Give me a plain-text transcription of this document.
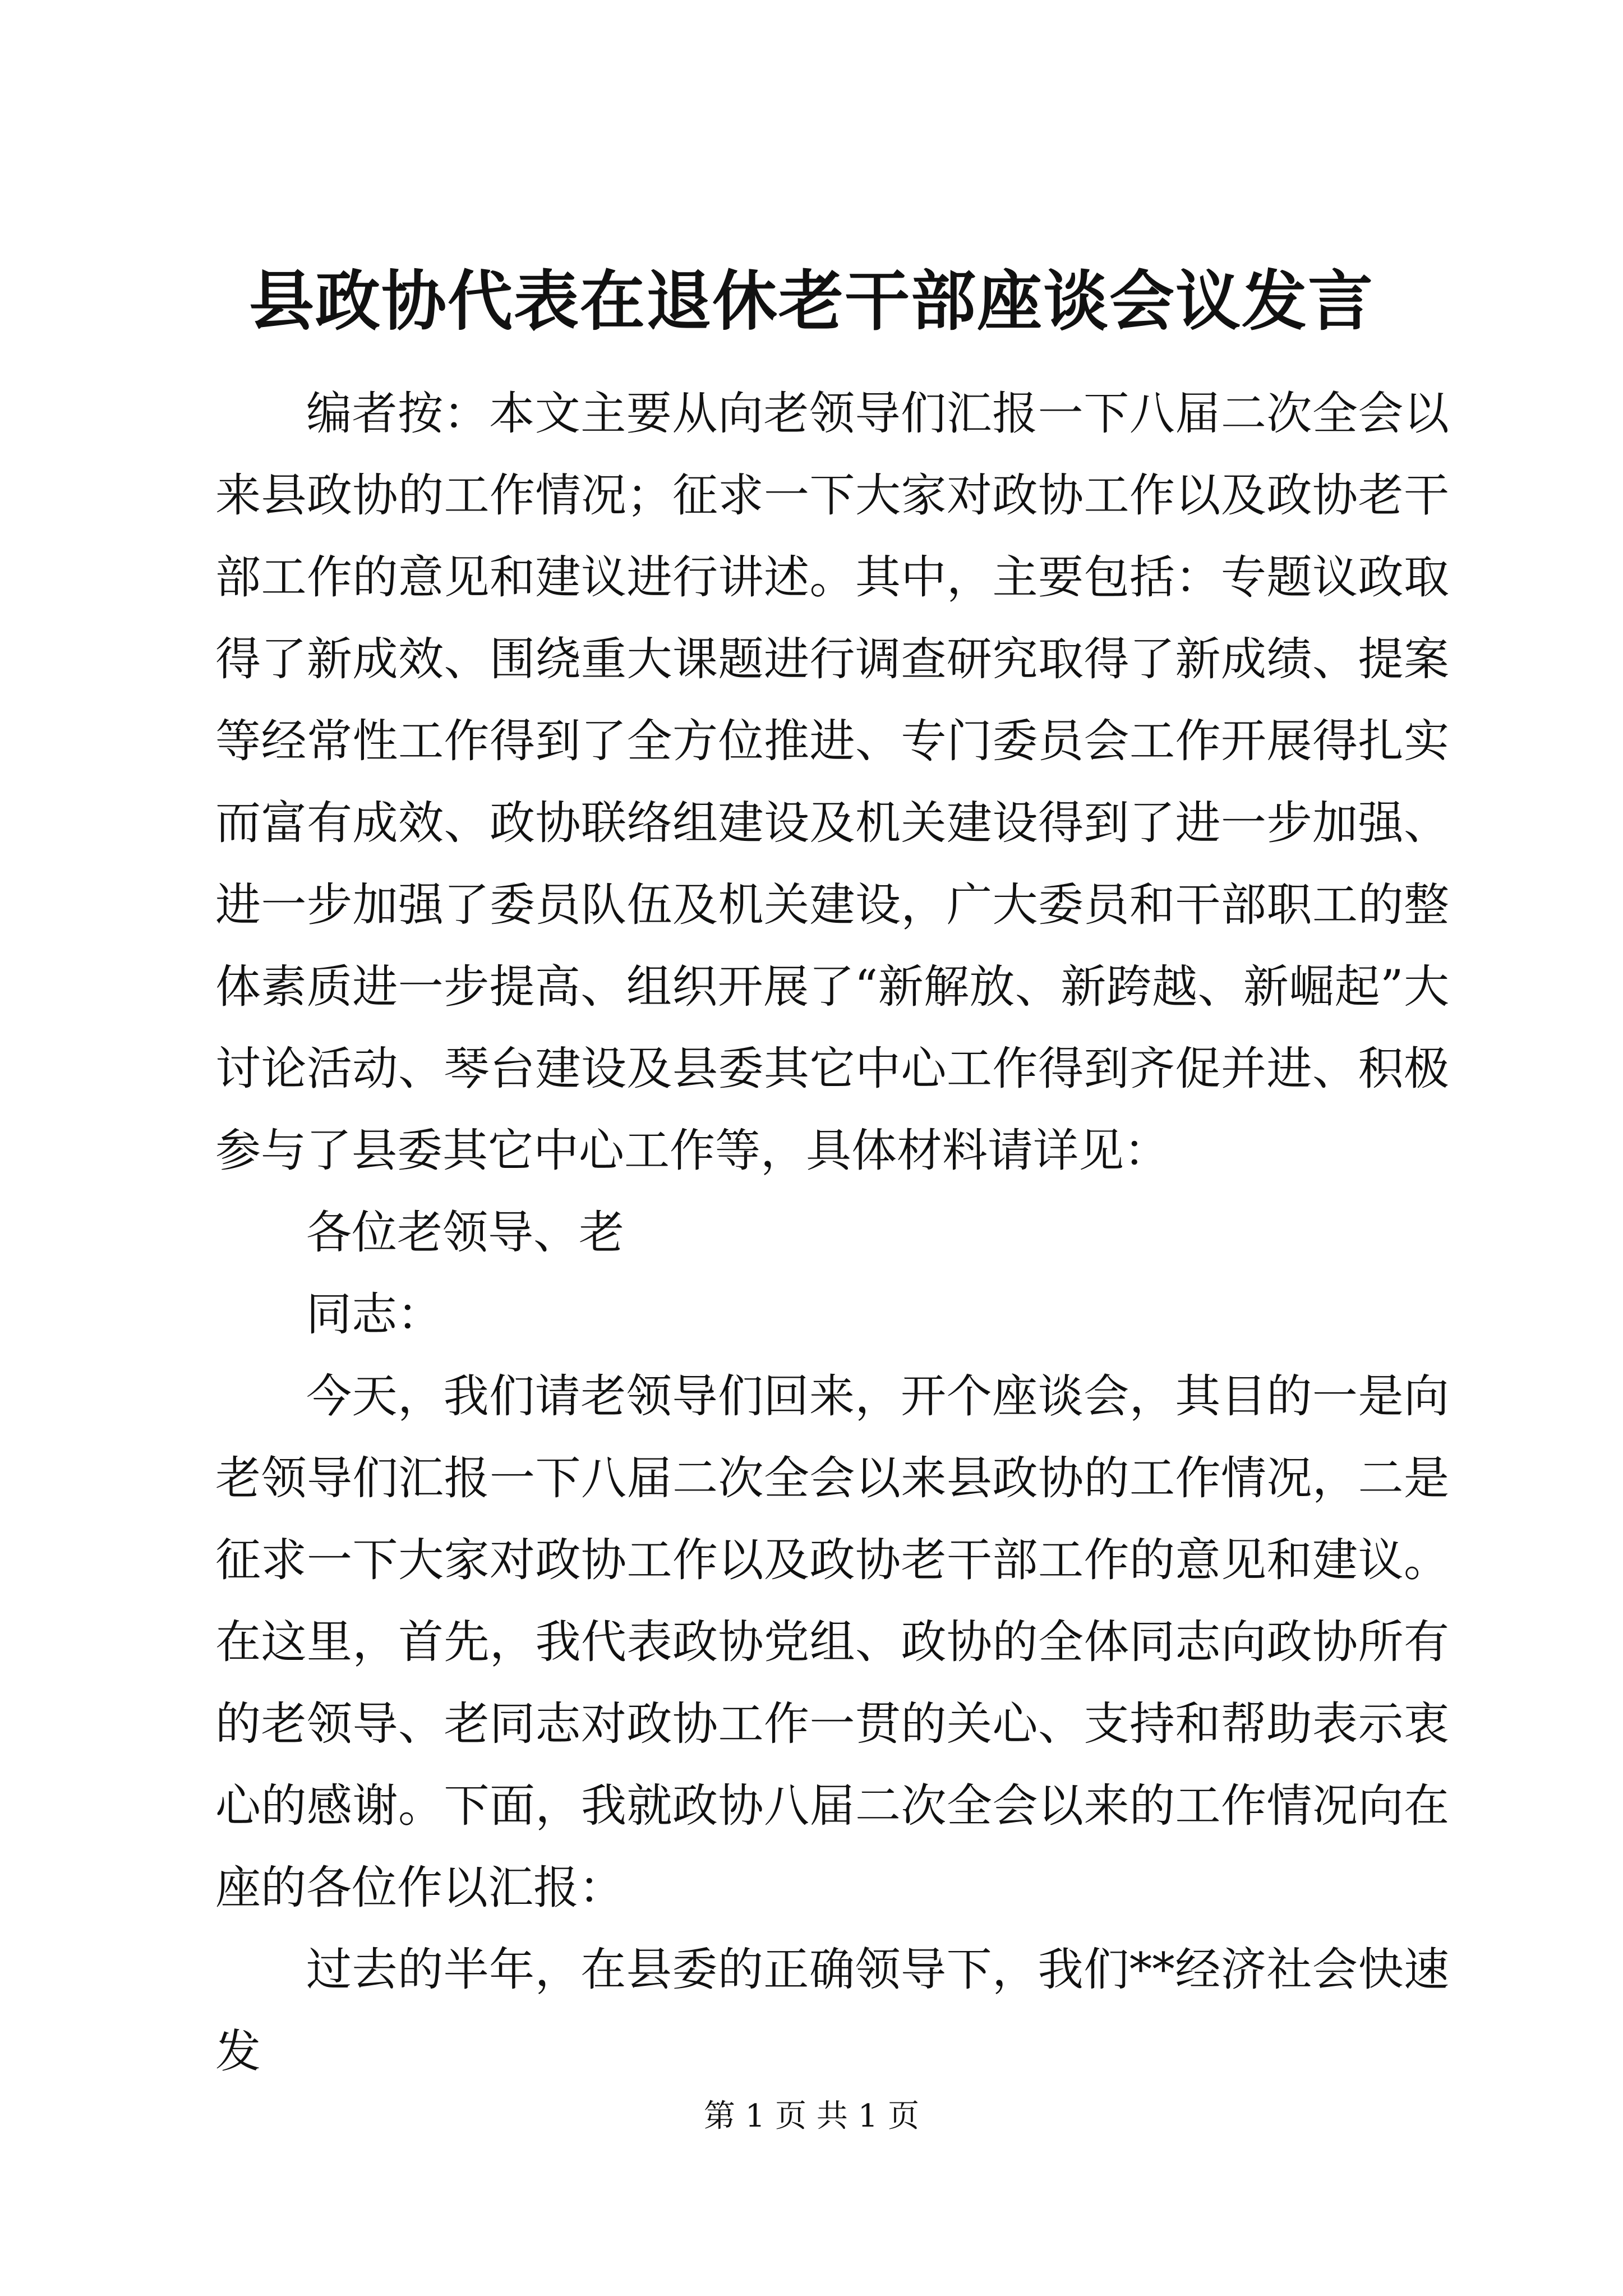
县政协代表在退休老干部座谈会议发言

编者按：本文主要从向老领导们汇报一下八届二次全会以来县政协的工作情况；征求一下大家对政协工作以及政协老干部工作的意见和建议进行讲述。其中，主要包括：专题议政取得了新成效、围绕重大课题进行调查研究取得了新成绩、提案等经常性工作得到了全方位推进、专门委员会工作开展得扎实而富有成效、政协联络组建设及机关建设得到了进一步加强、进一步加强了委员队伍及机关建设，广大委员和干部职工的整体素质进一步提高、组织开展了“新解放、新跨越、新崛起”大讨论活动、琴台建设及县委其它中心工作得到齐促并进、积极参与了县委其它中心工作等，具体材料请详见：

各位老领导、老

同志：

今天，我们请老领导们回来，开个座谈会，其目的一是向老领导们汇报一下八届二次全会以来县政协的工作情况，二是征求一下大家对政协工作以及政协老干部工作的意见和建议。在这里，首先，我代表政协党组、政协的全体同志向政协所有的老领导、老同志对政协工作一贯的关心、支持和帮助表示衷心的感谢。下面，我就政协八届二次全会以来的工作情况向在座的各位作以汇报：

过去的半年，在县委的正确领导下，我们**经济社会快速发

第 1 页 共 1 页
